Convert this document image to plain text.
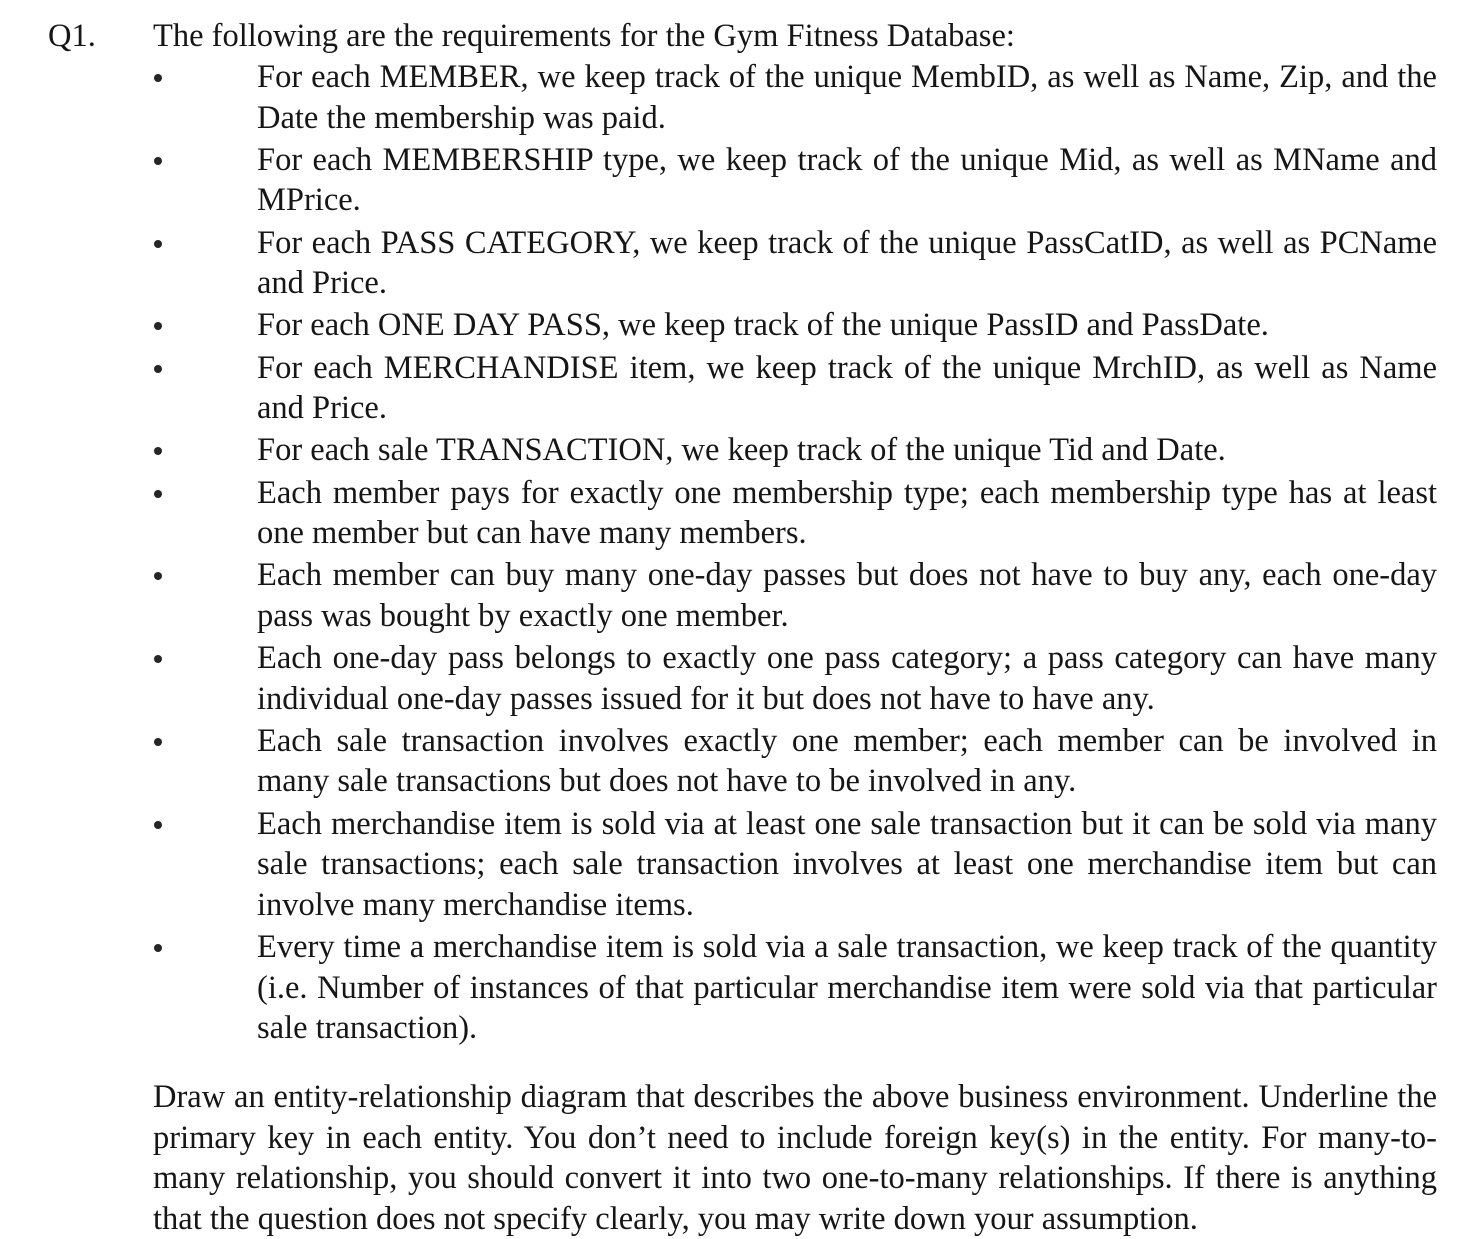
Q1. The following are the requirements for the Gym Fitness Database:

For each MEMBER, we keep track of the unique MembID, as well as Name, Zip, and the Date the membership was paid.
For each MEMBERSHIP type, we keep track of the unique Mid, as well as MName and MPrice.
For each PASS CATEGORY, we keep track of the unique PassCatID, as well as PCName and Price.
For each ONE DAY PASS, we keep track of the unique PassID and PassDate.
For each MERCHANDISE item, we keep track of the unique MrchID, as well as Name and Price.
For each sale TRANSACTION, we keep track of the unique Tid and Date.
Each member pays for exactly one membership type; each membership type has at least one member but can have many members.
Each member can buy many one-day passes but does not have to buy any, each one-day pass was bought by exactly one member.
Each one-day pass belongs to exactly one pass category; a pass category can have many individual one-day passes issued for it but does not have to have any.
Each sale transaction involves exactly one member; each member can be involved in many sale transactions but does not have to be involved in any.
Each merchandise item is sold via at least one sale transaction but it can be sold via many sale transactions; each sale transaction involves at least one merchandise item but can involve many merchandise items.
Every time a merchandise item is sold via a sale transaction, we keep track of the quantity (i.e. Number of instances of that particular merchandise item were sold via that particular sale transaction).

Draw an entity-relationship diagram that describes the above business environment. Underline the primary key in each entity. You don’t need to include foreign key(s) in the entity. For many-to-many relationship, you should convert it into two one-to-many relationships. If there is anything that the question does not specify clearly, you may write down your assumption.
